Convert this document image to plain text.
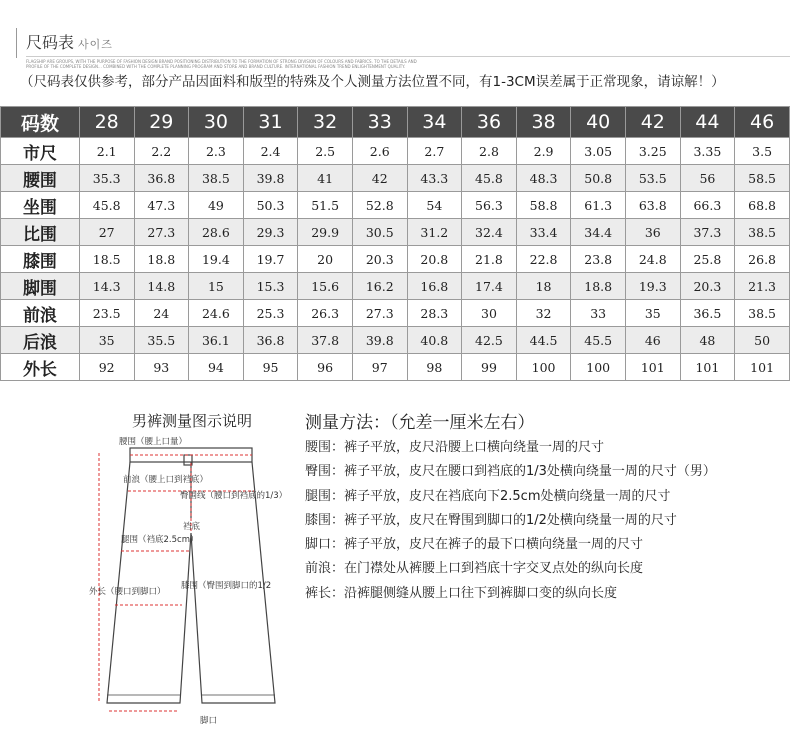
尺码表 사이즈
FLAGSHIP ARE GROUPS, WITH THE PURPOSE OF FASHION DESIGN BRAND POSITIONING DISTRIBUTION TO THE FORMATION OF STRONG DIVISION OF COLOURS AND FABRICS. TO THE DETAILS AND PROFILE OF THE COMPLETE DESIGN... COMBINED WITH THE COMPLETE PLANNING PROGRAM AND STORE AND BRAND CULTURE. INTERNATIONAL FASHION TREND ENLIGHTENMENT QUALITY.
（尺码表仅供参考，部分产品因面料和版型的特殊及个人测量方法位置不同，有1-3CM误差属于正常现象，请谅解！）
码数	28	29	30	31	32	33	34	36	38	40	42	44	46
市尺	2.1	2.2	2.3	2.4	2.5	2.6	2.7	2.8	2.9	3.05	3.25	3.35	3.5
腰围	35.3	36.8	38.5	39.8	41	42	43.3	45.8	48.3	50.8	53.5	56	58.5
坐围	45.8	47.3	49	50.3	51.5	52.8	54	56.3	58.8	61.3	63.8	66.3	68.8
比围	27	27.3	28.6	29.3	29.9	30.5	31.2	32.4	33.4	34.4	36	37.3	38.5
膝围	18.5	18.8	19.4	19.7	20	20.3	20.8	21.8	22.8	23.8	24.8	25.8	26.8
脚围	14.3	14.8	15	15.3	15.6	16.2	16.8	17.4	18	18.8	19.3	20.3	21.3
前浪	23.5	24	24.6	25.3	26.3	27.3	28.3	30	32	33	35	36.5	38.5
后浪	35	35.5	36.1	36.8	37.8	39.8	40.8	42.5	44.5	45.5	46	48	50
外长	92	93	94	95	96	97	98	99	100	100	101	101	101
男裤测量图示说明
腰围（腰上口量）
前浪（腰上口到裆底）
臀围线（腰口到裆底的1/3）
裆底
腿围（裆底2.5cm）
膝围（臀围到脚口的1/2
外长（腰口到脚口）
脚口
测量方法：（允差一厘米左右）
腰围：裤子平放，皮尺沿腰上口横向绕量一周的尺寸
臀围：裤子平放，皮尺在腰口到裆底的1/3处横向绕量一周的尺寸（男）
腿围：裤子平放，皮尺在裆底向下2.5cm处横向绕量一周的尺寸
膝围：裤子平放，皮尺在臀围到脚口的1/2处横向绕量一周的尺寸
脚口：裤子平放，皮尺在裤子的最下口横向绕量一周的尺寸
前浪：在门襟处从裤腰上口到裆底十字交叉点处的纵向长度
裤长：沿裤腿侧缝从腰上口往下到裤脚口变的纵向长度
